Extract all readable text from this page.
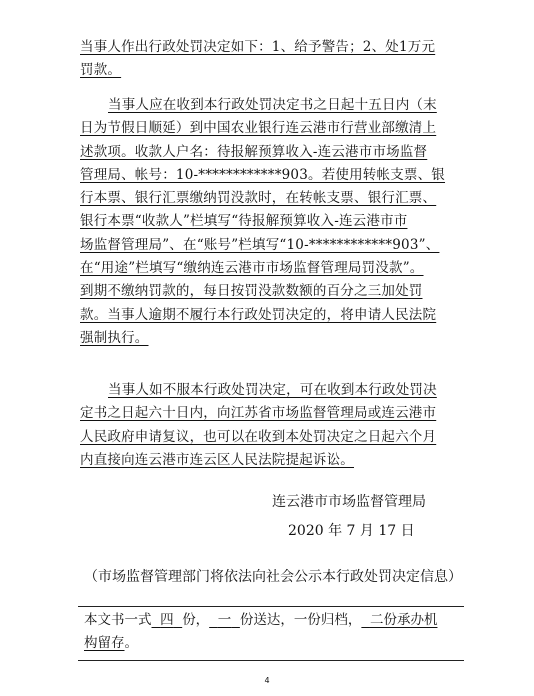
当事人作出行政处罚决定如下：1、给予警告；2、处1万元
罚款。
当事人应在收到本行政处罚决定书之日起十五日内（末
日为节假日顺延）到中国农业银行连云港市行营业部缴清上
述款项。收款人户名：待报解预算收入-连云港市市场监督
管理局、帐号：10-************903。若使用转帐支票、银
行本票、银行汇票缴纳罚没款时，在转帐支票、银行汇票、
银行本票“收款人”栏填写“待报解预算收入-连云港市市
场监督管理局”、在“账号”栏填写“10-************903”、
在“用途”栏填写“缴纳连云港市市场监督管理局罚没款”。
到期不缴纳罚款的，每日按罚没款数额的百分之三加处罚
款。当事人逾期不履行本行政处罚决定的，将申请人民法院
强制执行。
当事人如不服本行政处罚决定，可在收到本行政处罚决
定书之日起六十日内，向江苏省市场监督管理局或连云港市
人民政府申请复议，也可以在收到本处罚决定之日起六个月
内直接向连云港市连云区人民法院提起诉讼。
连云港市市场监督管理局
2020 年 7 月 17 日
（市场监督管理部门将依法向社会公示本行政处罚决定信息）
本文书一式 四 份， 一 份送达，一份归档， 二份承办机
构留存。
4
